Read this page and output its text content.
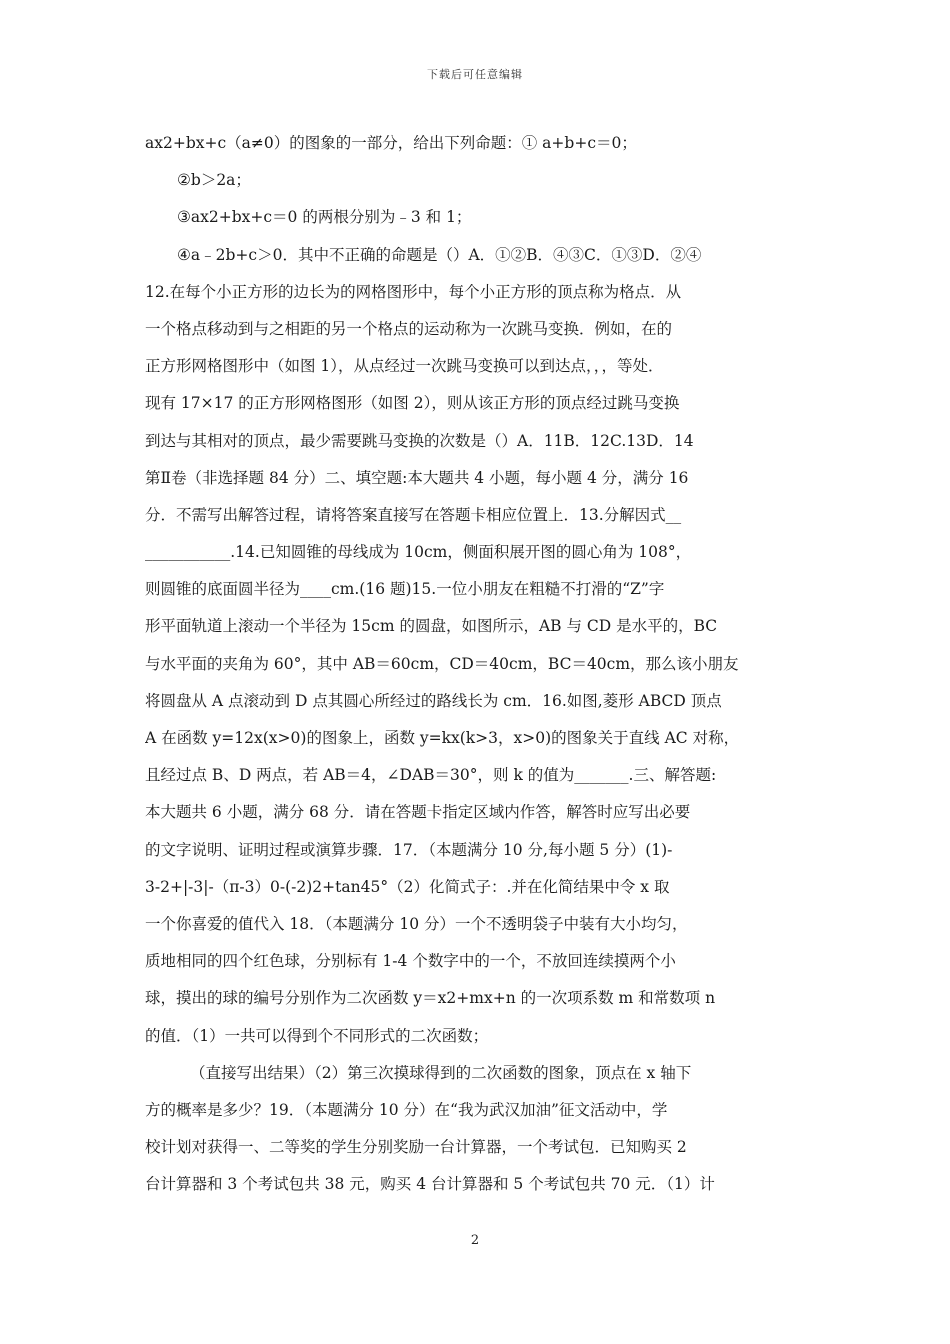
下载后可任意编辑
ax2+bx+c（a≠0）的图象的一部分，给出下列命题：① a+b+c＝0；
②b＞2a；
③ax2+bx+c＝0 的两根分别为﹣3 和 1；
④a﹣2b+c＞0．其中不正确的命题是（）A．①②B．④③C．①③D．②④
12.在每个小正方形的边长为的网格图形中，每个小正方形的顶点称为格点．从
一个格点移动到与之相距的另一个格点的运动称为一次跳马变换．例如，在的
正方形网格图形中（如图 1），从点经过一次跳马变换可以到达点，，，等处．
现有 17×17 的正方形网格图形（如图 2），则从该正方形的顶点经过跳马变换
到达与其相对的顶点，最少需要跳马变换的次数是（）A．11B．12C.13D．14
第Ⅱ卷（非选择题 84 分）二、填空题:本大题共 4 小题，每小题 4 分，满分 16
分．不需写出解答过程，请将答案直接写在答题卡相应位置上．13.分解因式__
___________.14.已知圆锥的母线成为 10cm，侧面积展开图的圆心角为 108°，
则圆锥的底面圆半径为____cm.(16 题)15.一位小朋友在粗糙不打滑的“Z”字
形平面轨道上滚动一个半径为 15cm 的圆盘，如图所示，AB 与 CD 是水平的，BC
与水平面的夹角为 60°，其中 AB＝60cm，CD＝40cm，BC＝40cm，那么该小朋友
将圆盘从 A 点滚动到 D 点其圆心所经过的路线长为 cm．16.如图,菱形 ABCD 顶点
A 在函数 y=12x(x>0)的图象上，函数 y=kx(k>3，x>0)的图象关于直线 AC 对称，
且经过点 B、D 两点，若 AB＝4，∠DAB＝30°，则 k 的值为_______.三、解答题:
本大题共 6 小题，满分 68 分．请在答题卡指定区域内作答，解答时应写出必要
的文字说明、证明过程或演算步骤．17．（本题满分 10 分,每小题 5 分）(1)-
3-2+|-3|-（π-3）0-(-2)2+tan45°（2）化简式子：.并在化简结果中令 x 取
一个你喜爱的值代入 18．（本题满分 10 分）一个不透明袋子中装有大小均匀，
质地相同的四个红色球，分别标有 1-4 个数字中的一个，不放回连续摸两个小
球，摸出的球的编号分别作为二次函数 y＝x2+mx+n 的一次项系数 m 和常数项 n
的值．（1）一共可以得到个不同形式的二次函数；
（直接写出结果）（2）第三次摸球得到的二次函数的图象，顶点在 x 轴下
方的概率是多少？19．（本题满分 10 分）在“我为武汉加油”征文活动中，学
校计划对获得一、二等奖的学生分别奖励一台计算器，一个考试包．已知购买 2
台计算器和 3 个考试包共 38 元，购买 4 台计算器和 5 个考试包共 70 元．（1）计
2
